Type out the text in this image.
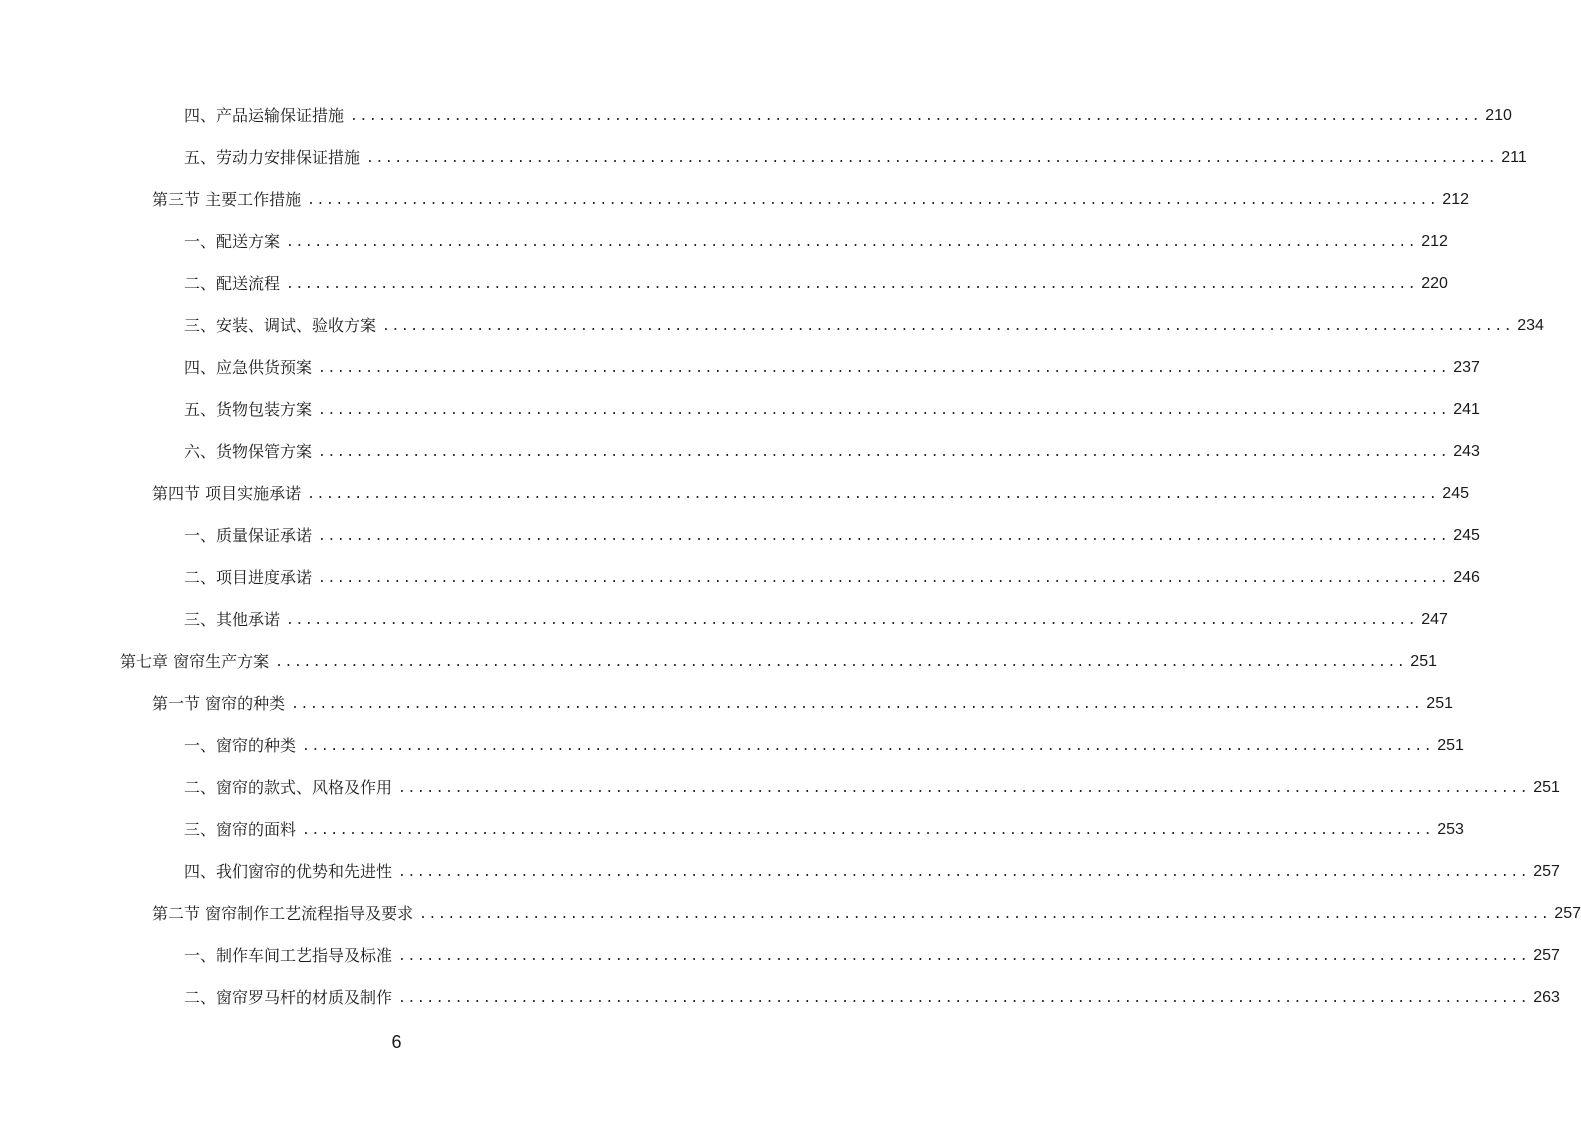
四、产品运输保证措施 ........................................................................................................................ 210
五、劳动力安排保证措施 ........................................................................................................................ 211
第三节 主要工作措施 ........................................................................................................................ 212
一、配送方案 ........................................................................................................................ 212
二、配送流程 ........................................................................................................................ 220
三、安装、调试、验收方案 ........................................................................................................................ 234
四、应急供货预案 ........................................................................................................................ 237
五、货物包装方案 ........................................................................................................................ 241
六、货物保管方案 ........................................................................................................................ 243
第四节 项目实施承诺 ........................................................................................................................ 245
一、质量保证承诺 ........................................................................................................................ 245
二、项目进度承诺 ........................................................................................................................ 246
三、其他承诺 ........................................................................................................................ 247
第七章 窗帘生产方案 ........................................................................................................................ 251
第一节 窗帘的种类 ........................................................................................................................ 251
一、窗帘的种类 ........................................................................................................................ 251
二、窗帘的款式、风格及作用 ........................................................................................................................ 251
三、窗帘的面料 ........................................................................................................................ 253
四、我们窗帘的优势和先进性 ........................................................................................................................ 257
第二节 窗帘制作工艺流程指导及要求 ........................................................................................................................ 257
一、制作车间工艺指导及标准 ........................................................................................................................ 257
二、窗帘罗马杆的材质及制作 ........................................................................................................................ 263
6
